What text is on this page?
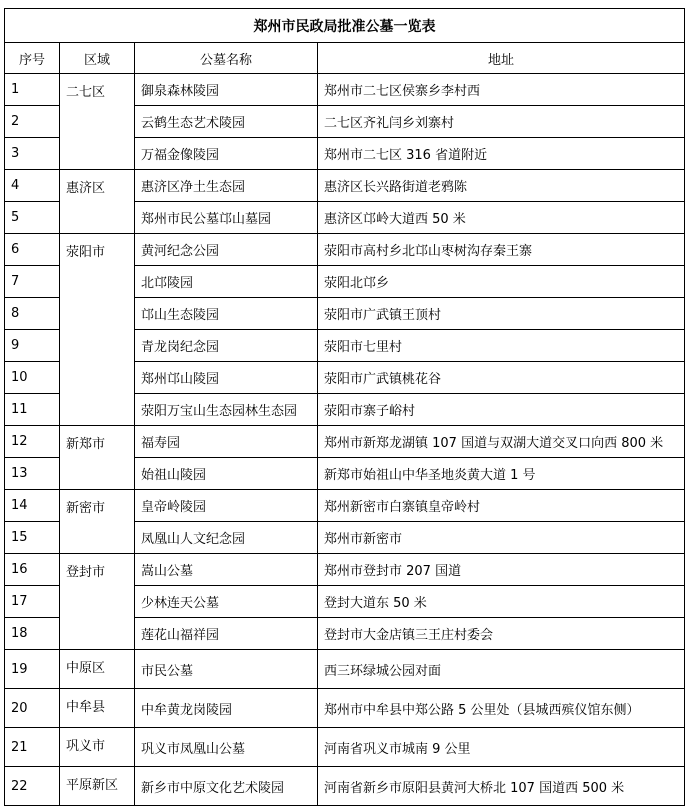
郑州市民政局批准公墓一览表			
序号	区域	公墓名称	地址
1	二七区	御泉森林陵园	郑州市二七区侯寨乡李村西
2		云鹤生态艺术陵园	二七区齐礼闫乡刘寨村
3		万福金像陵园	郑州市二七区 316 省道附近
4	惠济区	惠济区净土生态园	惠济区长兴路街道老鸦陈
5		郑州市民公墓邙山墓园	惠济区邙岭大道西 50 米
6	荥阳市	黄河纪念公园	荥阳市高村乡北邙山枣树沟存秦王寨
7		北邙陵园	荥阳北邙乡
8		邙山生态陵园	荥阳市广武镇王顶村
9		青龙岗纪念园	荥阳市七里村
10		郑州邙山陵园	荥阳市广武镇桃花谷
11		荥阳万宝山生态园林生态园	荥阳市寨子峪村
12	新郑市	福寿园	郑州市新郑龙湖镇 107 国道与双湖大道交叉口向西 800 米
13		始祖山陵园	新郑市始祖山中华圣地炎黄大道 1 号
14	新密市	皇帝岭陵园	郑州新密市白寨镇皇帝岭村
15		凤凰山人文纪念园	郑州市新密市
16	登封市	嵩山公墓	郑州市登封市 207 国道
17		少林连天公墓	登封大道东 50 米
18		莲花山福祥园	登封市大金店镇三王庄村委会
19	中原区	市民公墓	西三环绿城公园对面
20	中牟县	中牟黄龙岗陵园	郑州市中牟县中郑公路 5 公里处（县城西殡仪馆东侧）
21	巩义市	巩义市凤凰山公墓	河南省巩义市城南 9 公里
22	平原新区	新乡市中原文化艺术陵园	河南省新乡市原阳县黄河大桥北 107 国道西 500 米
